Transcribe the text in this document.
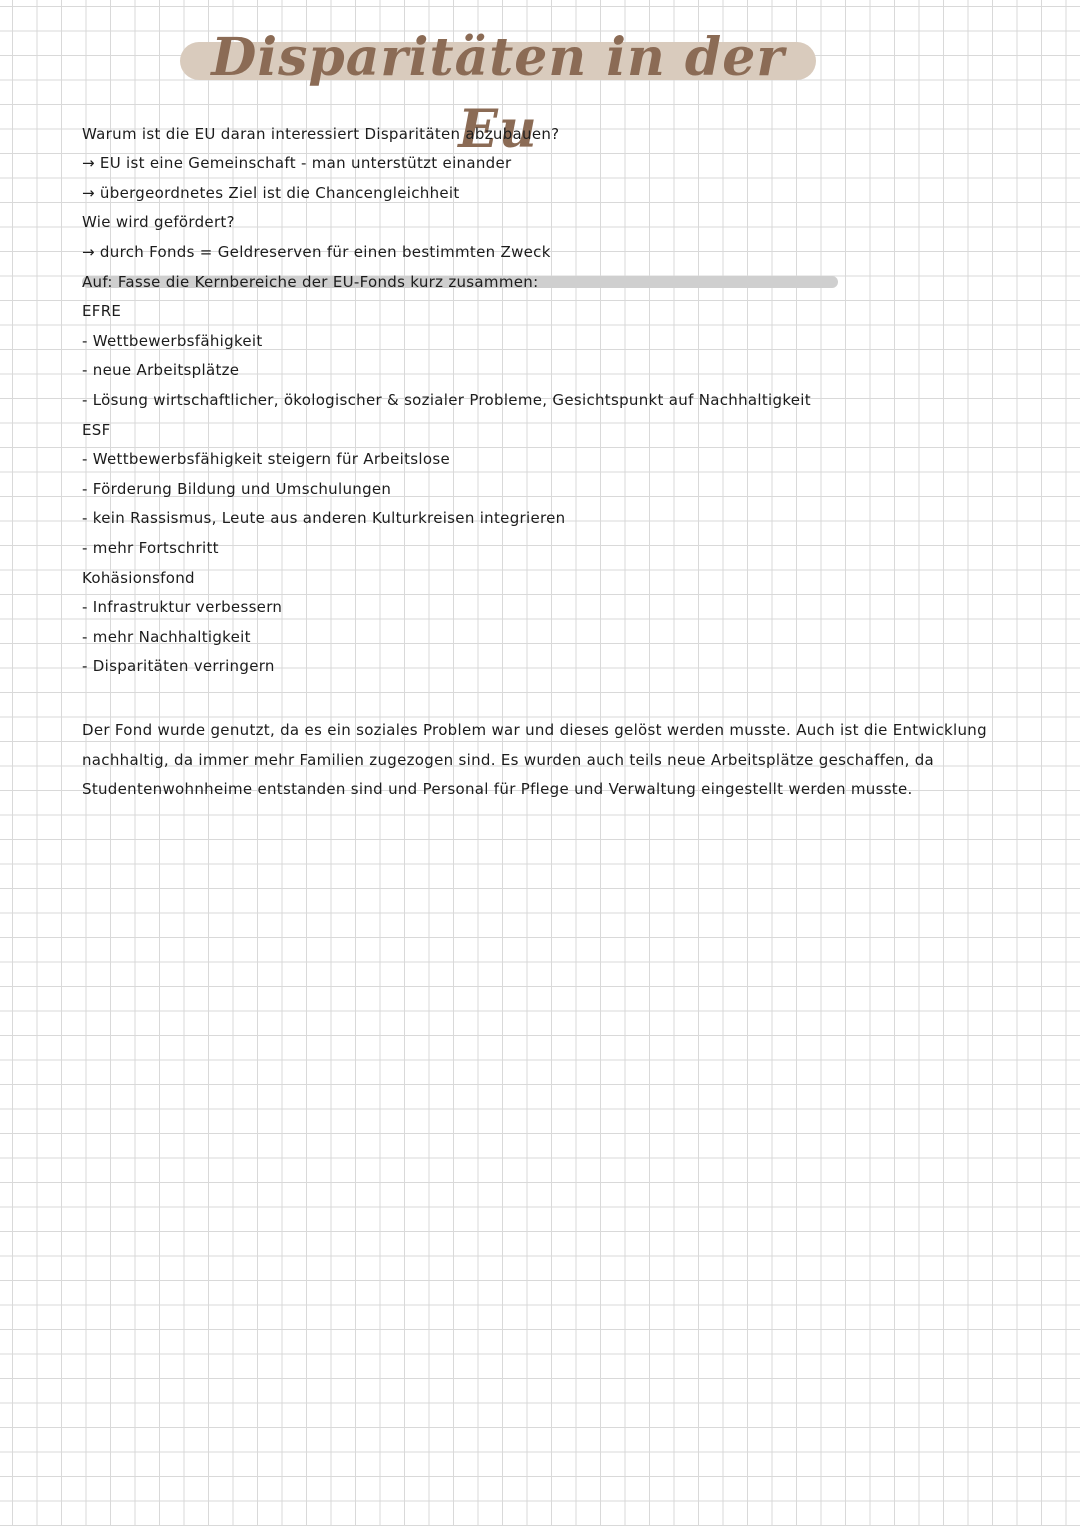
Disparitäten in der Eu
Warum ist die EU daran interessiert Disparitäten abzubauen?
→ EU ist eine Gemeinschaft - man unterstützt einander
→ übergeordnetes Ziel ist die Chancengleichheit
Wie wird gefördert?
→ durch Fonds = Geldreserven für einen bestimmten Zweck
Auf: Fasse die Kernbereiche der EU-Fonds kurz zusammen:
EFRE
- Wettbewerbsfähigkeit
- neue Arbeitsplätze
- Lösung wirtschaftlicher, ökologischer & sozialer Probleme, Gesichtspunkt auf Nachhaltigkeit
ESF
- Wettbewerbsfähigkeit steigern für Arbeitslose
- Förderung Bildung und Umschulungen
- kein Rassismus, Leute aus anderen Kulturkreisen integrieren
- mehr Fortschritt
Kohäsionsfond
- Infrastruktur verbessern
- mehr Nachhaltigkeit
- Disparitäten verringern
Der Fond wurde genutzt, da es ein soziales Problem war und dieses gelöst werden musste. Auch ist die Entwicklung nachhaltig, da immer mehr Familien zugezogen sind. Es wurden auch teils neue Arbeitsplätze geschaffen, da Studentenwohnheime entstanden sind und Personal für Pflege und Verwaltung eingestellt werden musste.
